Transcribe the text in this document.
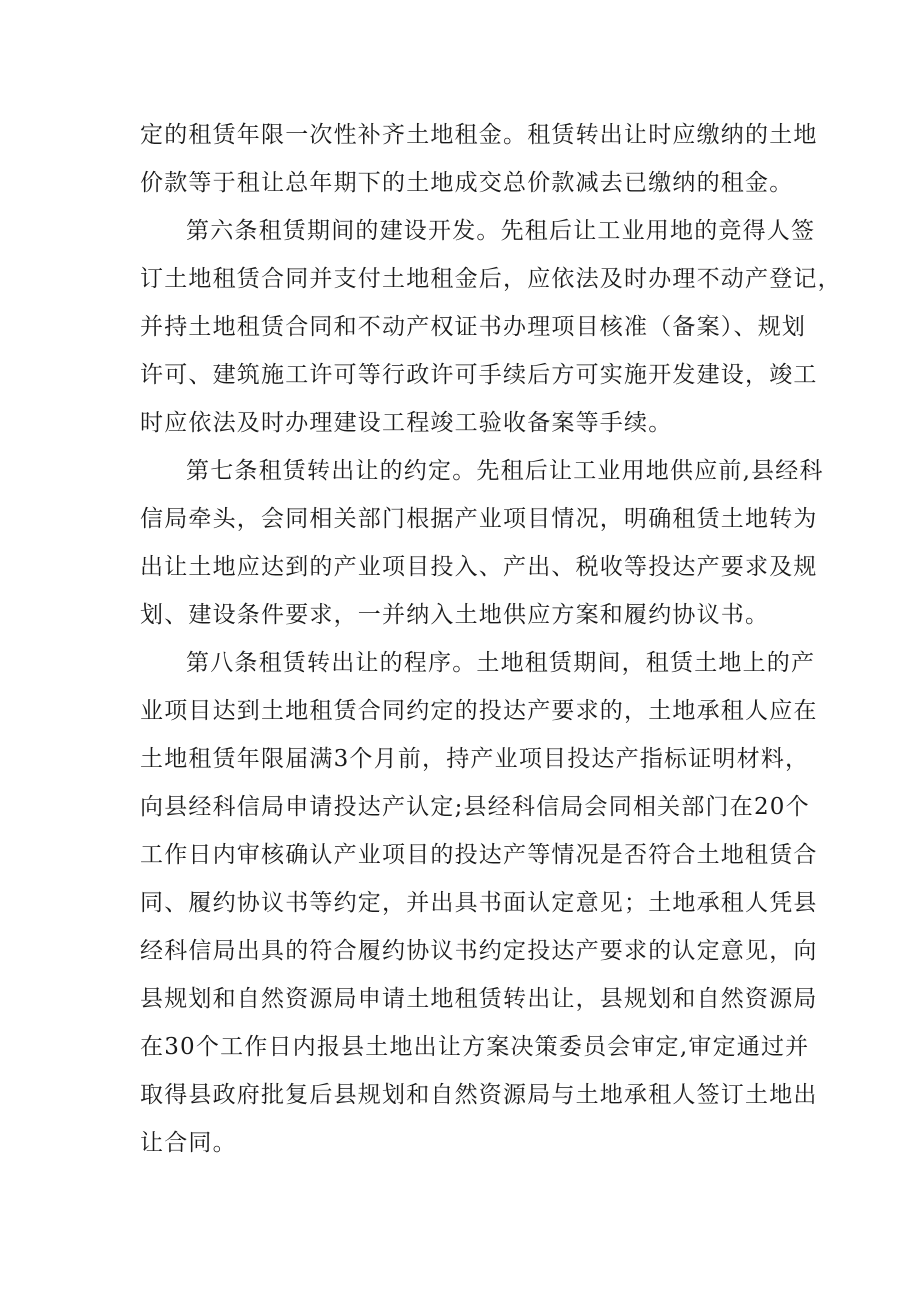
定的租赁年限一次性补齐土地租金。租赁转出让时应缴纳的土地
价款等于租让总年期下的土地成交总价款减去已缴纳的租金。
第六条租赁期间的建设开发。先租后让工业用地的竞得人签
订土地租赁合同并支付土地租金后，应依法及时办理不动产登记，
并持土地租赁合同和不动产权证书办理项目核准（备案）、规划
许可、建筑施工许可等行政许可手续后方可实施开发建设，竣工
时应依法及时办理建设工程竣工验收备案等手续。
第七条租赁转出让的约定。先租后让工业用地供应前,县经科
信局牵头，会同相关部门根据产业项目情况，明确租赁土地转为
出让土地应达到的产业项目投入、产出、税收等投达产要求及规
划、建设条件要求，一并纳入土地供应方案和履约协议书。
第八条租赁转出让的程序。土地租赁期间，租赁土地上的产
业项目达到土地租赁合同约定的投达产要求的，土地承租人应在
土地租赁年限届满3个月前，持产业项目投达产指标证明材料，
向县经科信局申请投达产认定;县经科信局会同相关部门在20个
工作日内审核确认产业项目的投达产等情况是否符合土地租赁合
同、履约协议书等约定，并出具书面认定意见；土地承租人凭县
经科信局出具的符合履约协议书约定投达产要求的认定意见，向
县规划和自然资源局申请土地租赁转出让，县规划和自然资源局
在30个工作日内报县土地出让方案决策委员会审定,审定通过并
取得县政府批复后县规划和自然资源局与土地承租人签订土地出
让合同。
